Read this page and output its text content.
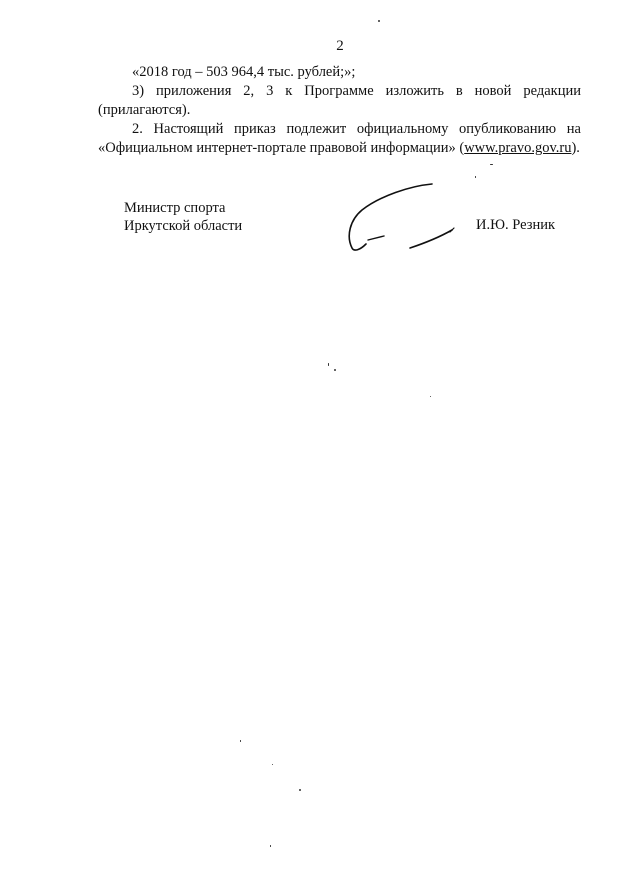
2

«2018 год – 503 964,4 тыс. рублей;»;

3) приложения 2, 3 к Программе изложить в новой редакции
(прилагаются).

2. Настоящий приказ подлежит официальному опубликованию на
«Официальном интернет-портале правовой информации» (www.pravo.gov.ru).

Министр спорта
Иркутской области	И.Ю. Резник
